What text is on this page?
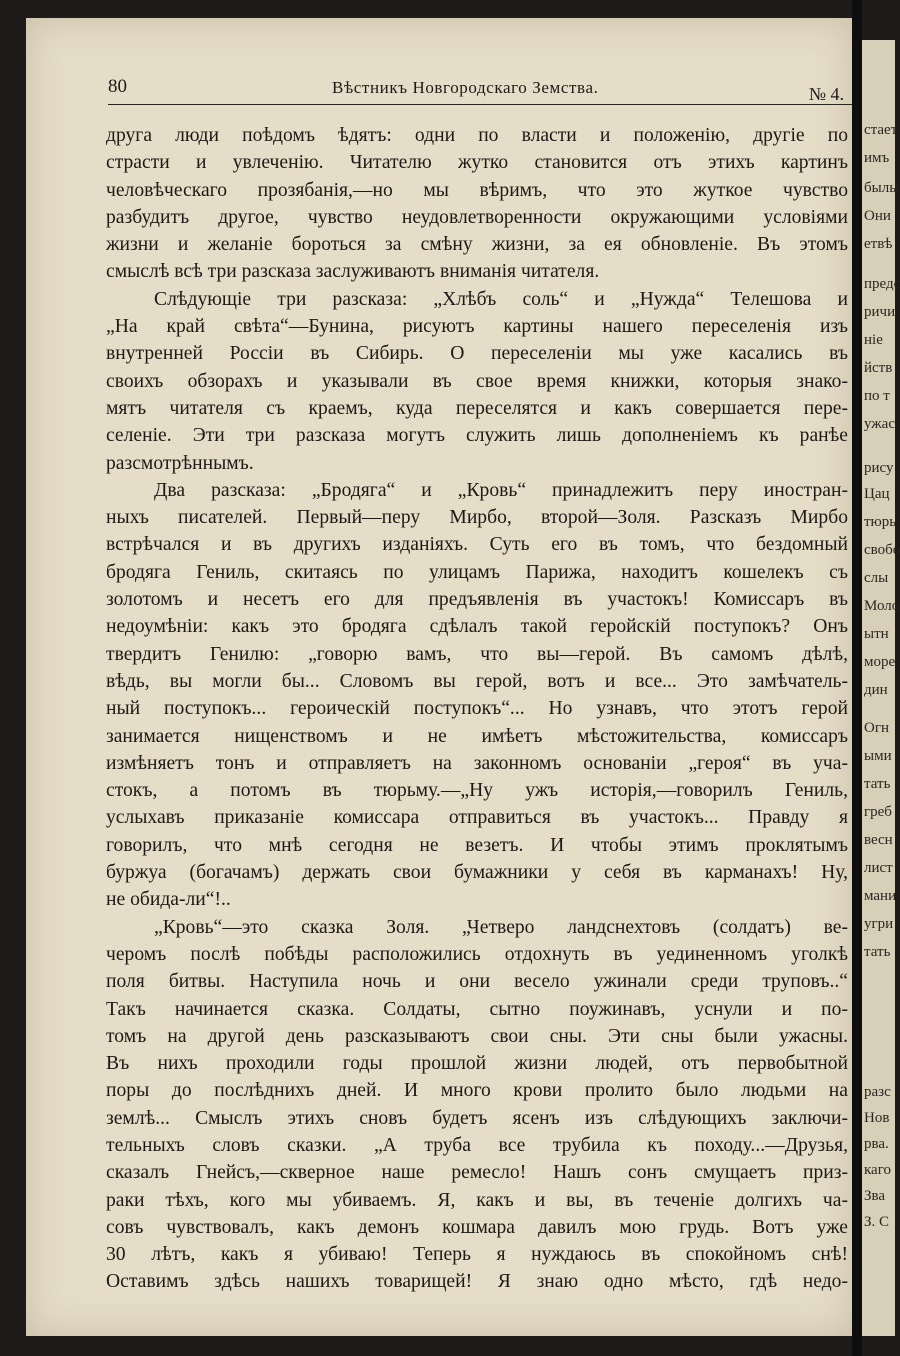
стает
имъ
былы
Они
етвѣ
предс
ричи
ніе
йств
по т
ужас
рису
Цац
тюрь
свобо
слы
Моло
ытн
море
дин
Огн
ыми
тать
греб
весн
лист
мани
угри
тать
разс
Нов
рва.
каго
Зва
З. С
80	Вѣстникъ Новгородскаго Земства.	№ 4.
друга люди поѣдомъ ѣдятъ: одни по власти и положенію, другіе по
страсти и увлеченію. Читателю жутко становится отъ этихъ картинъ
человѣческаго прозябанія,—но мы вѣримъ, что это жуткое чувство
разбудитъ другое, чувство неудовлетворенности окружающими условіями
жизни и желаніе бороться за смѣну жизни, за ея обновленіе. Въ этомъ
смыслѣ всѣ три разсказа заслуживаютъ вниманія читателя.
Слѣдующіе три разсказа: „Хлѣбъ соль“ и „Нужда“ Телешова и
„На край свѣта“—Бунина, рисуютъ картины нашего переселенія изъ
внутренней Россіи въ Сибирь. О переселеніи мы уже касались въ
своихъ обзорахъ и указывали въ свое время книжки, которыя знако-
мятъ читателя съ краемъ, куда переселятся и какъ совершается пере-
селеніе. Эти три разсказа могутъ служить лишь дополненіемъ къ ранѣе
разсмотрѣннымъ.
Два разсказа: „Бродяга“ и „Кровь“ принадлежитъ перу иностран-
ныхъ писателей. Первый—перу Мирбо, второй—Золя. Разсказъ Мирбо
встрѣчался и въ другихъ изданіяхъ. Суть его въ томъ, что бездомный
бродяга Гениль, скитаясь по улицамъ Парижа, находитъ кошелекъ съ
золотомъ и несетъ его для предъявленія въ участокъ! Комиссаръ въ
недоумѣніи: какъ это бродяга сдѣлалъ такой геройскій поступокъ? Онъ
твердитъ Генилю: „говорю вамъ, что вы—герой. Въ самомъ дѣлѣ,
вѣдь, вы могли бы... Словомъ вы герой, вотъ и все... Это замѣчатель-
ный поступокъ... героическій поступокъ“... Но узнавъ, что этотъ герой
занимается нищенствомъ и не имѣетъ мѣстожительства, комиссаръ
измѣняетъ тонъ и отправляетъ на законномъ основаніи „героя“ въ уча-
стокъ, а потомъ въ тюрьму.—„Ну ужъ исторія,—говорилъ Гениль,
услыхавъ приказаніе комиссара отправиться въ участокъ... Правду я
говорилъ, что мнѣ сегодня не везетъ. И чтобы этимъ проклятымъ
буржуа (богачамъ) держать свои бумажники у себя въ карманахъ! Ну,
не обида-ли“!..
„Кровь“—это сказка Золя. „Четверо ландснехтовъ (солдатъ) ве-
черомъ послѣ побѣды расположились отдохнуть въ уединенномъ уголкѣ
поля битвы. Наступила ночь и они весело ужинали среди труповъ..“
Такъ начинается сказка. Солдаты, сытно поужинавъ, уснули и по-
томъ на другой день разсказываютъ свои сны. Эти сны были ужасны.
Въ нихъ проходили годы прошлой жизни людей, отъ первобытной
поры до послѣднихъ дней. И много крови пролито было людьми на
землѣ... Смыслъ этихъ сновъ будетъ ясенъ изъ слѣдующихъ заключи-
тельныхъ словъ сказки. „А труба все трубила къ походу...—Друзья,
сказалъ Гнейсъ,—скверное наше ремесло! Нашъ сонъ смущаетъ приз-
раки тѣхъ, кого мы убиваемъ. Я, какъ и вы, въ теченіе долгихъ ча-
совъ чувствовалъ, какъ демонъ кошмара давилъ мою грудь. Вотъ уже
30 лѣтъ, какъ я убиваю! Теперь я нуждаюсь въ спокойномъ снѣ!
Оставимъ здѣсь нашихъ товарищей! Я знаю одно мѣсто, гдѣ недо-
